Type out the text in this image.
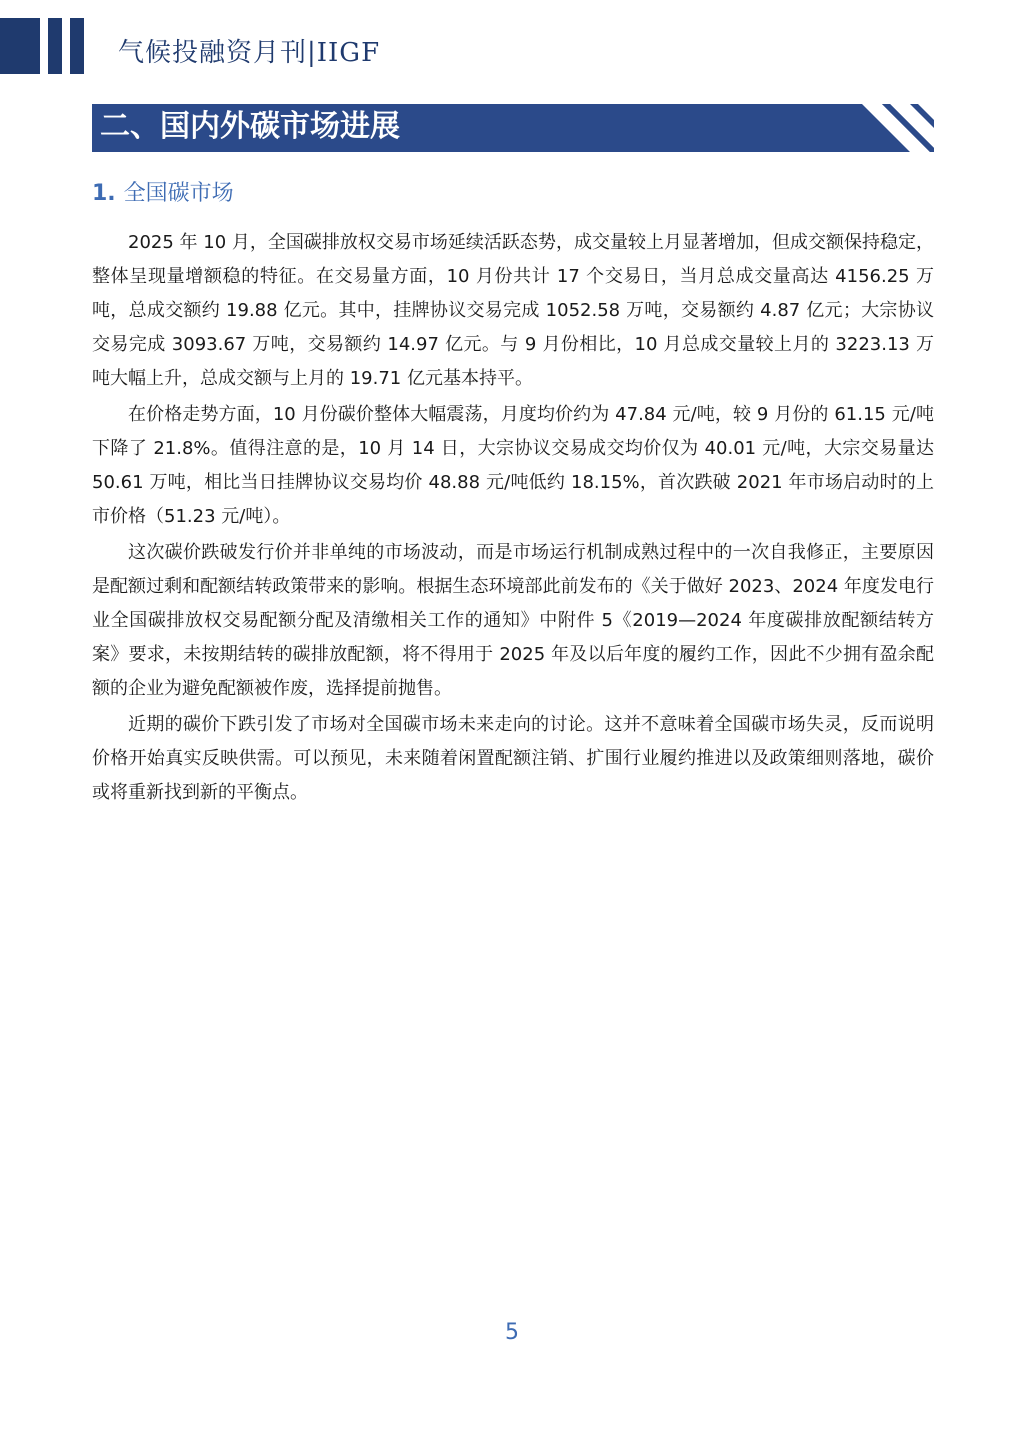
气候投融资月刊|IIGF
二、国内外碳市场进展
1. 全国碳市场

2025 年 10 月，全国碳排放权交易市场延续活跃态势，成交量较上月显著增加，但成交额保持稳定，整体呈现量增额稳的特征。在交易量方面，10 月份共计 17 个交易日，当月总成交量高达 4156.25 万吨，总成交额约 19.88 亿元。其中，挂牌协议交易完成 1052.58 万吨，交易额约 4.87 亿元；大宗协议交易完成 3093.67 万吨，交易额约 14.97 亿元。与 9 月份相比，10 月总成交量较上月的 3223.13 万吨大幅上升，总成交额与上月的 19.71 亿元基本持平。

在价格走势方面，10 月份碳价整体大幅震荡，月度均价约为 47.84 元/吨，较 9 月份的 61.15 元/吨下降了 21.8%。值得注意的是，10 月 14 日，大宗协议交易成交均价仅为 40.01 元/吨，大宗交易量达 50.61 万吨，相比当日挂牌协议交易均价 48.88 元/吨低约 18.15%，首次跌破 2021 年市场启动时的上市价格（51.23 元/吨）。

这次碳价跌破发行价并非单纯的市场波动，而是市场运行机制成熟过程中的一次自我修正，主要原因是配额过剩和配额结转政策带来的影响。根据生态环境部此前发布的《关于做好 2023、2024 年度发电行业全国碳排放权交易配额分配及清缴相关工作的通知》中附件 5《2019—2024 年度碳排放配额结转方案》要求，未按期结转的碳排放配额，将不得用于 2025 年及以后年度的履约工作，因此不少拥有盈余配额的企业为避免配额被作废，选择提前抛售。

近期的碳价下跌引发了市场对全国碳市场未来走向的讨论。这并不意味着全国碳市场失灵，反而说明价格开始真实反映供需。可以预见，未来随着闲置配额注销、扩围行业履约推进以及政策细则落地，碳价或将重新找到新的平衡点。

5
